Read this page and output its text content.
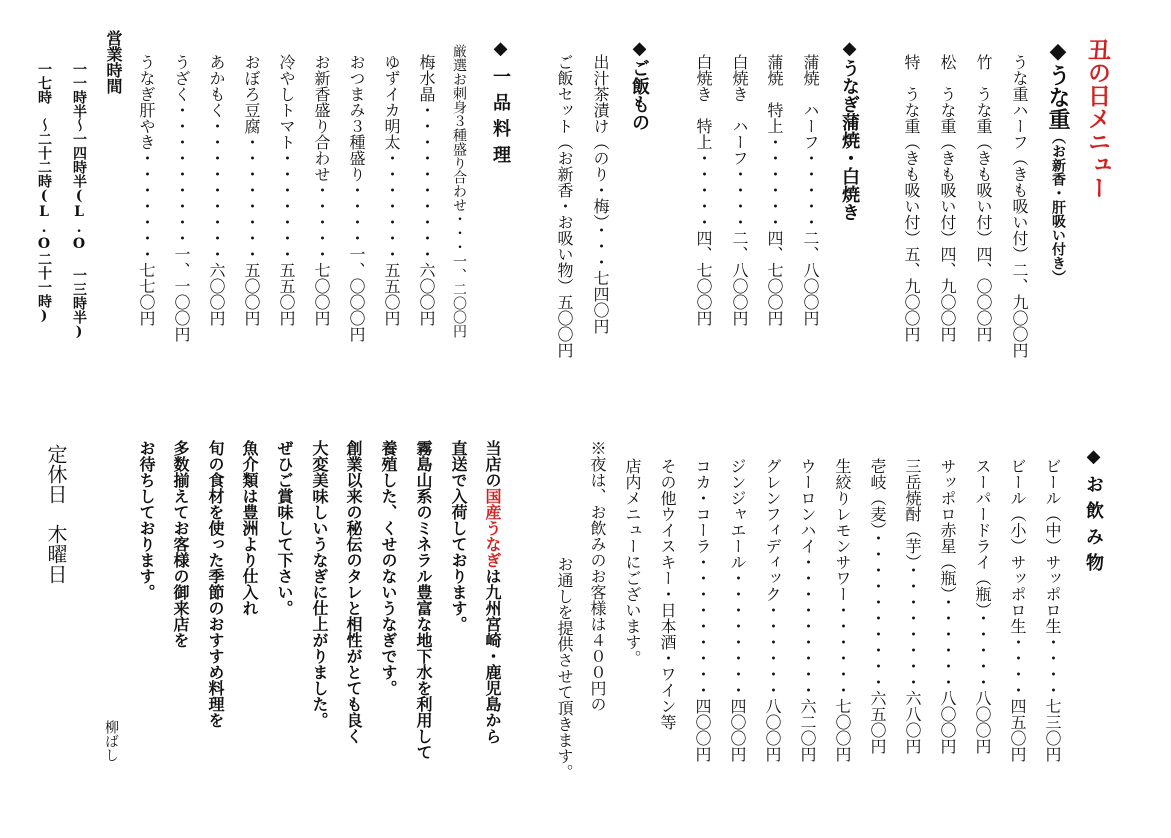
丑の日メニュー
◆うな重（お新香・肝吸い付き）
うな重ハーフ（きも吸い付）二、九〇〇円
竹　うな重（きも吸い付）四、〇〇〇円
松　うな重（きも吸い付）四、九〇〇円
特　うな重（きも吸い付）五、九〇〇円
◆うなぎ蒲焼・白焼き
蒲焼　ハーフ・・・・・二、八〇〇円
蒲焼　特上・・・・・・四、七〇〇円
白焼き　ハーフ・・・・二、八〇〇円
白焼き　特上・・・・・四、七〇〇円
◆ご飯もの
出汁茶漬け（のり・梅）・・・七四〇円
ご飯セット（お新香・お吸い物）五〇〇円
◆一品料理
厳選お刺身３種盛り合わせ・・・一、二〇〇円
梅水晶・・・・・・・・・・六〇〇円
ゆずイカ明太・・・・・・・五五〇円
おつまみ３種盛り・・・・一、〇〇〇円
お新香盛り合わせ・・・・・七〇〇円
冷やしトマト・・・・・・・五五〇円
おぼろ豆腐・・・・・・・・五〇〇円
あかもく・・・・・・・・・六〇〇円
うざく・・・・・・・・・一、一〇〇円
うなぎ肝やき・・・・・・・七七〇円
営業時間
一一時半～一四時半(L.O 一三時半)
一七時　～二十二時(L.O二十一時)
◆お飲み物
ビール（中）サッポロ生・・・・七三〇円
ビール（小）サッポロ生・・・・四五〇円
スーパードライ（瓶）・・・・・八〇〇円
サッポロ赤星（瓶）・・・・・・八〇〇円
三岳焼酎（芋）・・・・・・・・六八〇円
壱岐（麦）・・・・・・・・・・六五〇円
生絞りレモンサワー・・・・・・七〇〇円
ウーロンハイ・・・・・・・・・六二〇円
グレンフィディック・・・・・・八〇〇円
ジンジャエール・・・・・・・・四〇〇円
コカ・コーラ・・・・・・・・・四〇〇円
その他ウイスキー・日本酒・ワイン等
店内メニューにございます。
※夜は、お飲みのお客様は４００円の
お通しを提供させて頂きます。
当店の国産うなぎは九州宮崎・鹿児島から
直送で入荷しております。
霧島山系のミネラル豊富な地下水を利用して
養殖した、くせのないうなぎです。
創業以来の秘伝のタレと相性がとても良く
大変美味しいうなぎに仕上がりました。
ぜひご賞味して下さい。
魚介類は豊洲より仕入れ
旬の食材を使った季節のおすすめ料理を
多数揃えてお客様の御来店を
お待ちしております。
柳ばし
定休日　木曜日
